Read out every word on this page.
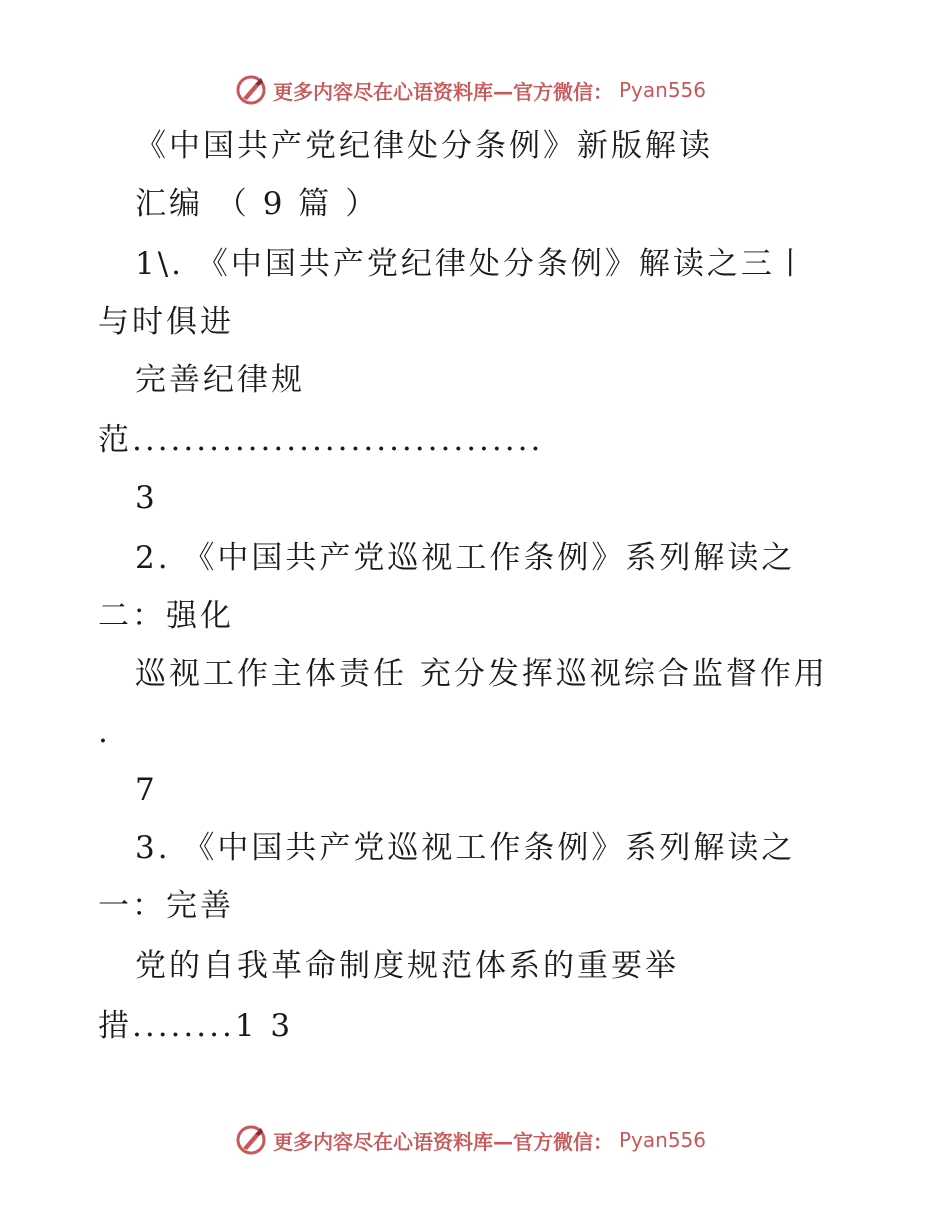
更多内容尽在心语资料库—官方微信： Pyan556
《中国共产党纪律处分条例》新版解读
汇编 （ 9 篇 ）
1\. 《中国共产党纪律处分条例》解读之三丨
与时俱进
完善纪律规
范................................
3
2. 《中国共产党巡视工作条例》系列解读之
二：强化
巡视工作主体责任 充分发挥巡视综合监督作用
.
7
3. 《中国共产党巡视工作条例》系列解读之
一：完善
党的自我革命制度规范体系的重要举
措........1 3
更多内容尽在心语资料库—官方微信： Pyan556
